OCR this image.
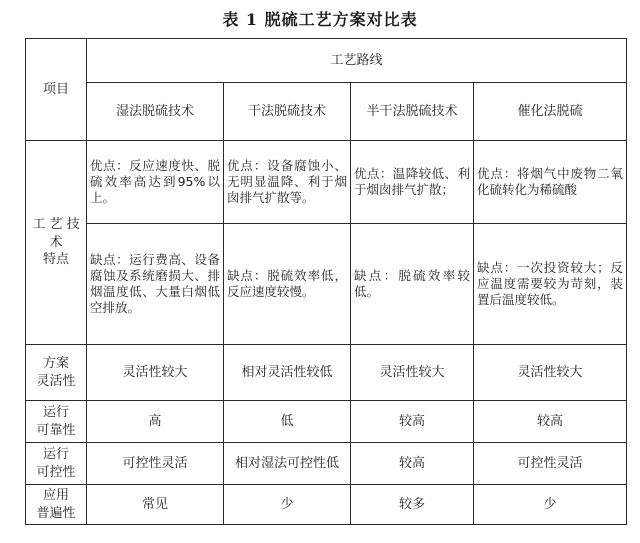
表 1 脱硫工艺方案对比表
项目	工艺路线			
	湿法脱硫技术	干法脱硫技术	半干法脱硫技术	催化法脱硫
工 艺 技
术
特点	优点：反应速度快、脱硫效率高达到95%以上。	优点：设备腐蚀小、无明显温降、利于烟囱排气扩散等。	优点：温降较低、利于烟囱排气扩散；	优点：将烟气中废物二氧化硫转化为稀硫酸
	缺点：运行费高、设备腐蚀及系统磨损大、排烟温度低、大量白烟低空排放。	缺点：脱硫效率低，反应速度较慢。	缺点：脱硫效率较低。	缺点：一次投资较大；反应温度需要较为苛刻，装置后温度较低。
方案
灵活性	灵活性较大	相对灵活性较低	灵活性较大	灵活性较大
运行
可靠性	高	低	较高	较高
运行
可控性	可控性灵活	相对湿法可控性低	较高	可控性灵活
应用
普遍性	常见	少	较多	少
